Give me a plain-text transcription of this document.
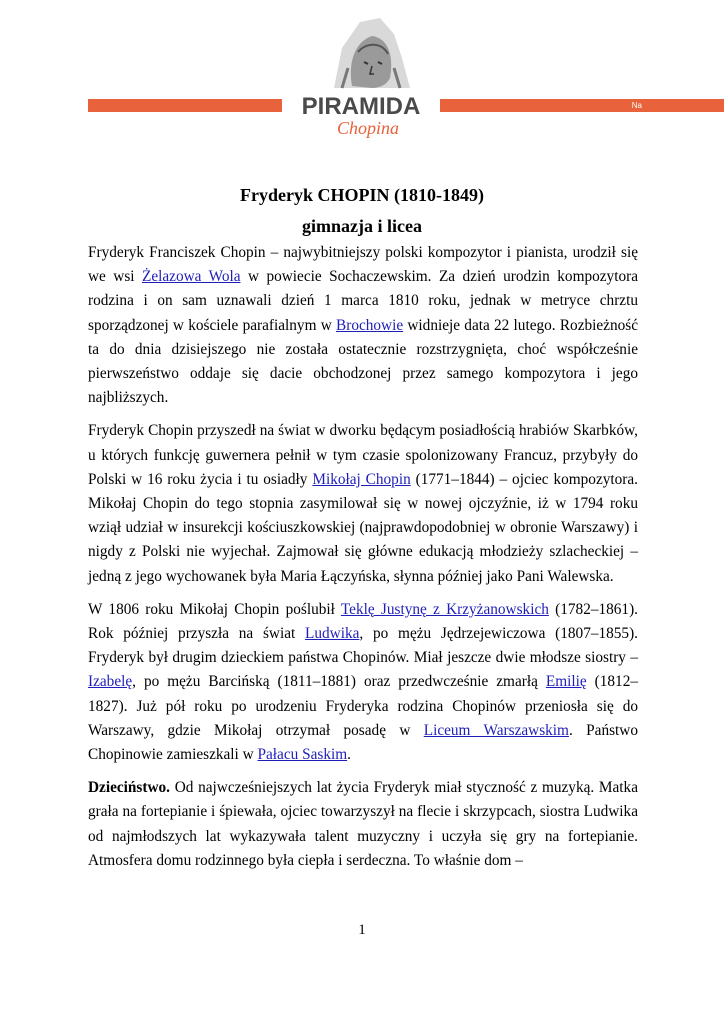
Na
PIRAMIDA
Chopina
Fryderyk CHOPIN (1810-1849)
gimnazja i licea

Fryderyk Franciszek Chopin – najwybitniejszy polski kompozytor i pianista, urodził się we wsi Żelazowa Wola w powiecie Sochaczewskim. Za dzień urodzin kompozytora rodzina i on sam uznawali dzień 1 marca 1810 roku, jednak w metryce chrztu sporządzonej w kościele parafialnym w Brochowie widnieje data 22 lutego. Rozbieżność ta do dnia dzisiejszego nie została ostatecznie rozstrzygnięta, choć współcześnie pierwszeństwo oddaje się dacie obchodzonej przez samego kompozytora i jego najbliższych.

Fryderyk Chopin przyszedł na świat w dworku będącym posiadłością hrabiów Skarbków, u których funkcję guwernera pełnił w tym czasie spolonizowany Francuz, przybyły do Polski w 16 roku życia i tu osiadły Mikołaj Chopin (1771–1844) – ojciec kompozytora. Mikołaj Chopin do tego stopnia zasymilował się w nowej ojczyźnie, iż w 1794 roku wziął udział w insurekcji kościuszkowskiej (najprawdopodobniej w obronie Warszawy) i nigdy z Polski nie wyjechał. Zajmował się główne edukacją młodzieży szlacheckiej – jedną z jego wychowanek była Maria Łączyńska, słynna później jako Pani Walewska.

W 1806 roku Mikołaj Chopin poślubił Teklę Justynę z Krzyżanowskich (1782–1861). Rok później przyszła na świat Ludwika, po mężu Jędrzejewiczowa (1807–1855). Fryderyk był drugim dzieckiem państwa Chopinów. Miał jeszcze dwie młodsze siostry – Izabelę, po mężu Barcińską (1811–1881) oraz przedwcześnie zmarłą Emilię (1812–1827). Już pół roku po urodzeniu Fryderyka rodzina Chopinów przeniosła się do Warszawy, gdzie Mikołaj otrzymał posadę w Liceum Warszawskim. Państwo Chopinowie zamieszkali w Pałacu Saskim.

Dzieciństwo. Od najwcześniejszych lat życia Fryderyk miał styczność z muzyką. Matka grała na fortepianie i śpiewała, ojciec towarzyszył na flecie i skrzypcach, siostra Ludwika od najmłodszych lat wykazywała talent muzyczny i uczyła się gry na fortepianie. Atmosfera domu rodzinnego była ciepła i serdeczna. To właśnie dom –

1
